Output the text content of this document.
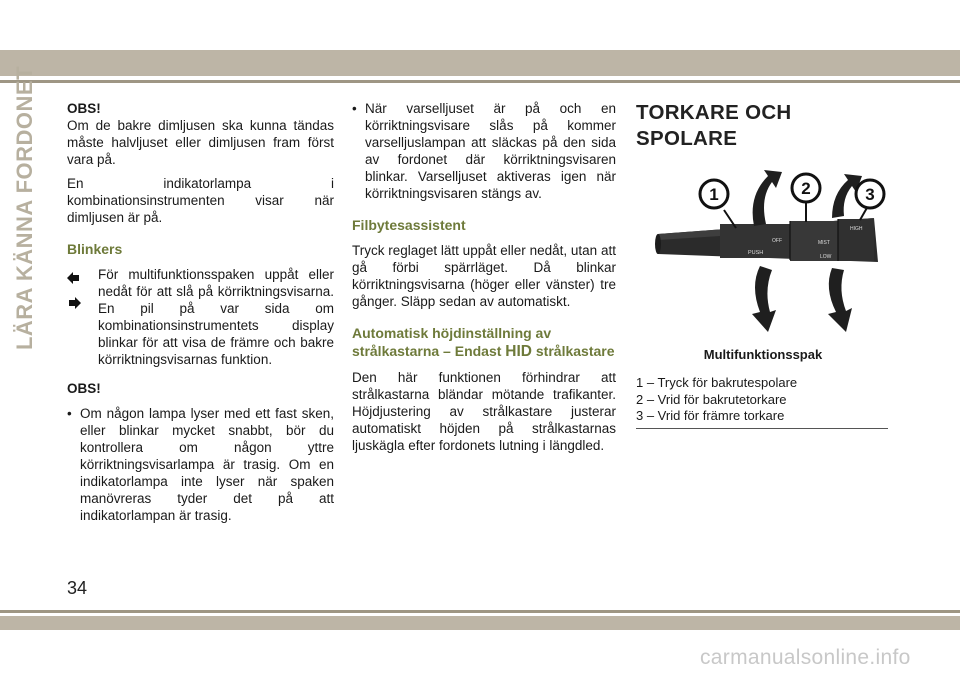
LÄRA KÄNNA FORDONET OBS!

Om de bakre dimljusen ska kunna tändas måste halvljuset eller dimljusen fram först vara på.

En indikatorlampa i kombinationsinstrumenten visar när dimljusen är på.

Blinkers

För multifunktionsspaken uppåt eller nedåt för att slå på körriktningsvisarna. En pil på var sida om kombinationsinstrumentets display blinkar för att visa de främre och bakre körriktningsvisarnas funktion.

OBS!

• Om någon lampa lyser med ett fast sken, eller blinkar mycket snabbt, bör du kontrollera om någon yttre körriktningsvisarlampa är trasig. Om en indikatorlampa inte lyser när spaken manövreras tyder det på att indikatorlampan är trasig.
• När varselljuset är på och en körriktningsvisare slås på kommer varselljuslampan att släckas på den sida av fordonet där körriktningsvisaren blinkar. Varselljuset aktiveras igen när körriktningsvisaren stängs av.
Filbytesassistent

Tryck reglaget lätt uppåt eller nedåt, utan att gå förbi spärrläget. Då blinkar körriktningsvisarna (höger eller vänster) tre gånger. Släpp sedan av automatiskt.

Automatisk höjdinställning av
strålkastarna – Endast HID strålkastare

Den här funktionen förhindrar att strålkastarna bländar mötande trafikanter. Höjdjustering av strålkastare justerar automatiskt höjden på strålkastarnas ljuskägla efter fordonets lutning i längdled.

TORKARE OCH SPOLARE
PUSH
OFF	MIST
LOW
HIGH
1	2	3

Multifunktionsspak

1 – Tryck för bakrutespolare

2 – Vrid för bakrutetorkare

3 – Vrid för främre torkare

34
carmanualsonline.info
